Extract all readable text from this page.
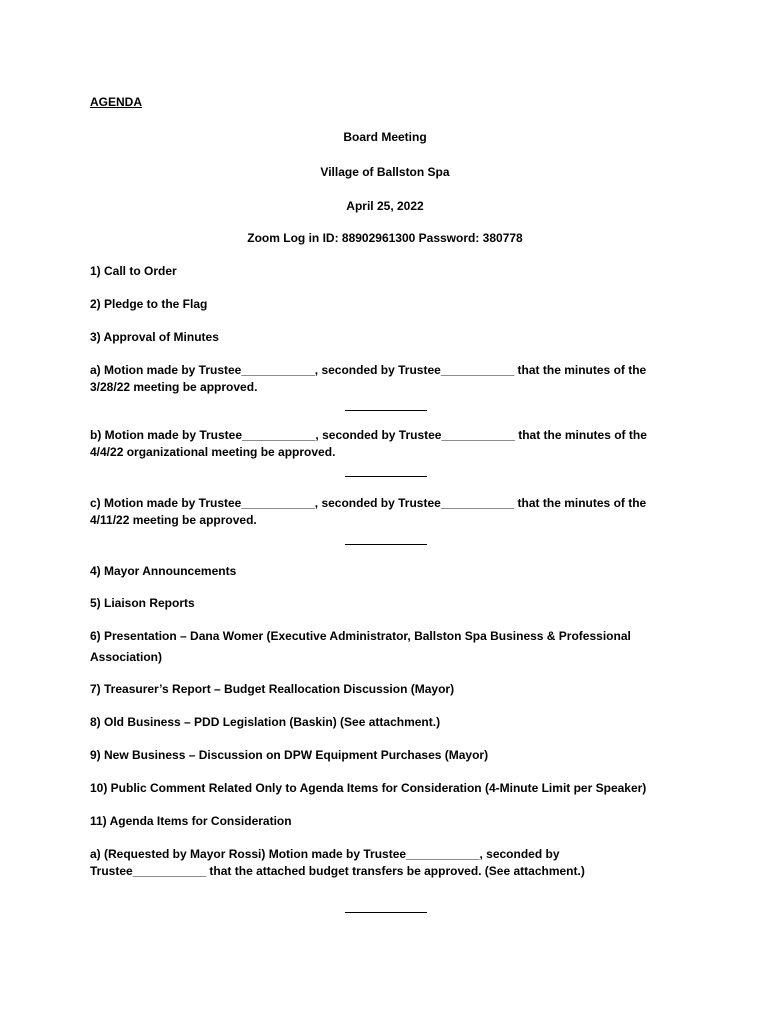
AGENDA
Board Meeting
Village of Ballston Spa
April 25, 2022
Zoom Log in ID: 88902961300 Password: 380778
1) Call to Order
2) Pledge to the Flag
3) Approval of Minutes
a) Motion made by Trustee___________, seconded by Trustee___________ that the minutes of the
3/28/22 meeting be approved.
b) Motion made by Trustee___________, seconded by Trustee___________ that the minutes of the
4/4/22 organizational meeting be approved.
c) Motion made by Trustee___________, seconded by Trustee___________ that the minutes of the
4/11/22 meeting be approved.
4) Mayor Announcements
5) Liaison Reports
6) Presentation – Dana Womer (Executive Administrator, Ballston Spa Business & Professional
Association)
7) Treasurer’s Report – Budget Reallocation Discussion (Mayor)
8) Old Business – PDD Legislation (Baskin) (See attachment.)
9) New Business – Discussion on DPW Equipment Purchases (Mayor)
10) Public Comment Related Only to Agenda Items for Consideration (4-Minute Limit per Speaker)
11) Agenda Items for Consideration
a) (Requested by Mayor Rossi) Motion made by Trustee___________, seconded by
Trustee___________ that the attached budget transfers be approved. (See attachment.)
